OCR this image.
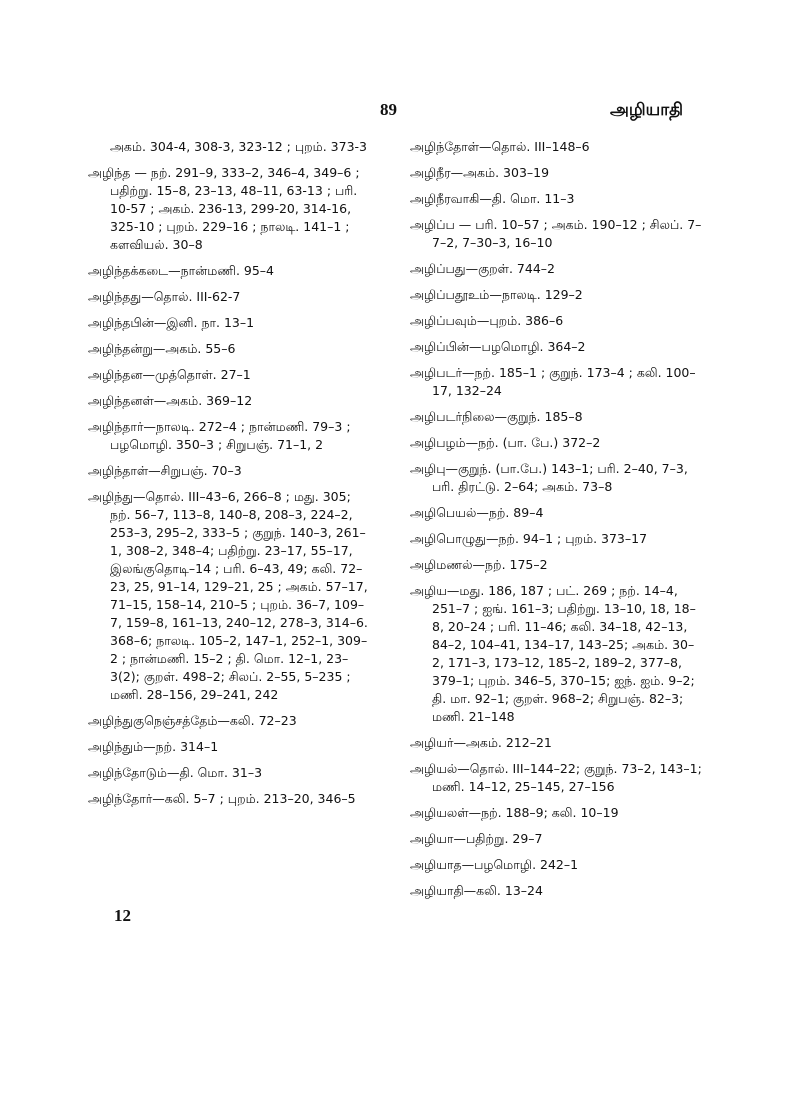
89	அழியாதி

அகம். 304-4, 308-3, 323-12 ; புறம். 373-3

அழிந்த — நற். 291–9, 333–2, 346–4, 349–6 ; பதிற்று. 15–8, 23–13, 48–11, 63-13 ; பரி. 10-57 ; அகம். 236-13, 299-20, 314-16, 325-10 ; புறம். 229–16 ; நாலடி. 141–1 ; களவியல். 30–8

அழிந்தக்கடை—நான்மணி. 95–4

அழிந்தது—தொல். III-62-7

அழிந்தபின்—இனி. நா. 13–1

அழிந்தன்று—அகம். 55–6

அழிந்தன—முத்தொள். 27–1

அழிந்தனள்—அகம். 369–12

அழிந்தார்—நாலடி. 272–4 ; நான்மணி. 79–3 ; பழமொழி. 350–3 ; சிறுபஞ். 71–1, 2

அழிந்தாள்—சிறுபஞ். 70–3

அழிந்து—தொல். III–43–6, 266–8 ; மது. 305; நற். 56–7, 113–8, 140–8, 208–3, 224–2, 253–3, 295–2, 333–5 ; குறுந். 140–3, 261–1, 308–2, 348–4; பதிற்று. 23–17, 55–17, இலங்குதொடி–14 ; பரி. 6–43, 49; கலி. 72–23, 25, 91–14, 129–21, 25 ; அகம். 57–17, 71–15, 158–14, 210–5 ; புறம். 36–7, 109–7, 159–8, 161–13, 240–12, 278–3, 314–6. 368–6; நாலடி. 105–2, 147–1, 252–1, 309–2 ; நான்மணி. 15–2 ; தி. மொ. 12–1, 23–3(2); குறள். 498–2; சிலப். 2–55, 5–235 ; மணி. 28–156, 29–241, 242

அழிந்துகுநெஞ்சத்தேம்—கலி. 72–23

அழிந்தும்—நற். 314–1

அழிந்தோடும்—தி. மொ. 31–3

அழிந்தோர்—கலி. 5–7 ; புறம். 213–20, 346–5

அழிந்தோள்—தொல். III–148–6

அழிநீர—அகம். 303–19

அழிநீரவாகி—தி. மொ. 11–3

அழிப்ப — பரி. 10–57 ; அகம். 190–12 ; சிலப். 7–7–2, 7–30–3, 16–10

அழிப்பது—குறள். 744–2

அழிப்பதூஉம்—நாலடி. 129–2

அழிப்பவும்—புறம். 386–6

அழிப்பின்—பழமொழி. 364–2

அழிபடர்—நற். 185–1 ; குறுந். 173–4 ; கலி. 100–17, 132–24

அழிபடர்நிலை—குறுந். 185–8

அழிபழம்—நற். (பா. பே.) 372–2

அழிபு—குறுந். (பா.பே.) 143–1; பரி. 2–40, 7–3, பரி. திரட்டு. 2–64; அகம். 73–8

அழிபெயல்—நற். 89–4

அழிபொழுது—நற். 94–1 ; புறம். 373–17

அழிமணல்—நற். 175–2

அழிய—மது. 186, 187 ; பட். 269 ; நற். 14–4, 251–7 ; ஐங். 161–3; பதிற்று. 13–10, 18, 18–8, 20–24 ; பரி. 11–46; கலி. 34–18, 42–13, 84–2, 104–41, 134–17, 143–25; அகம். 30–2, 171–3, 173–12, 185–2, 189–2, 377–8, 379–1; புறம். 346–5, 370–15; ஐந். ஐம். 9–2; தி. மா. 92–1; குறள். 968–2; சிறுபஞ். 82–3; மணி. 21–148

அழியர்—அகம். 212–21

அழியல்—தொல். III–144–22; குறுந். 73–2, 143–1; மணி. 14–12, 25–145, 27–156

அழியலள்—நற். 188–9; கலி. 10–19

அழியா—பதிற்று. 29–7

அழியாத—பழமொழி. 242–1

அழியாதி—கலி. 13–24

12
